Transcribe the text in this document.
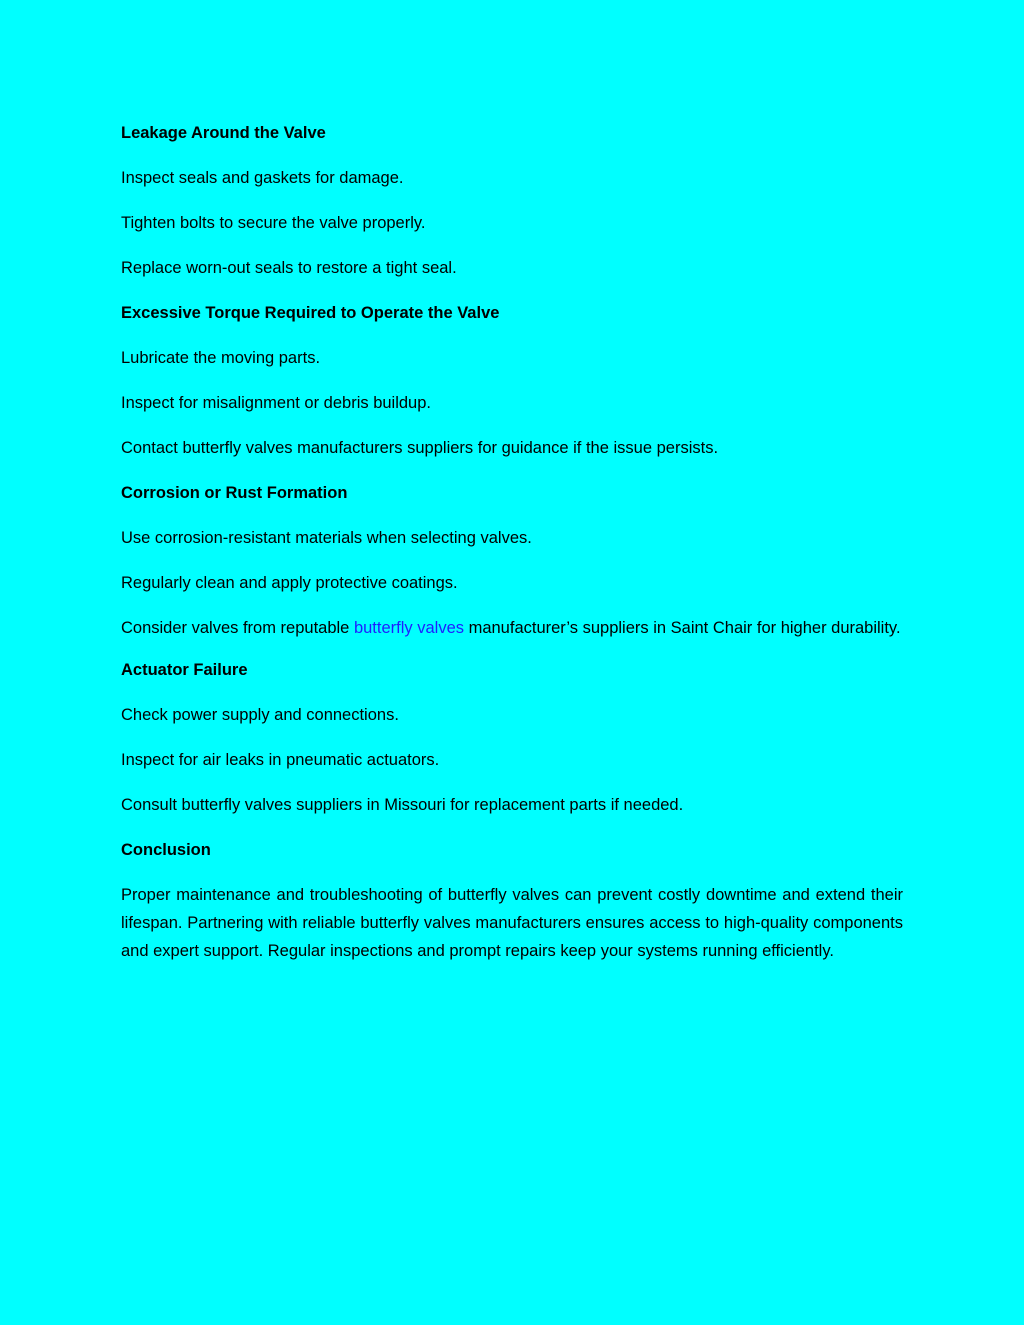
Leakage Around the Valve

Inspect seals and gaskets for damage.

Tighten bolts to secure the valve properly.

Replace worn-out seals to restore a tight seal.

Excessive Torque Required to Operate the Valve

Lubricate the moving parts.

Inspect for misalignment or debris buildup.

Contact butterfly valves manufacturers suppliers for guidance if the issue persists.

Corrosion or Rust Formation

Use corrosion-resistant materials when selecting valves.

Regularly clean and apply protective coatings.

Consider valves from reputable butterfly valves manufacturer’s suppliers in Saint Chair for higher durability.

Actuator Failure

Check power supply and connections.

Inspect for air leaks in pneumatic actuators.

Consult butterfly valves suppliers in Missouri for replacement parts if needed.

Conclusion

Proper maintenance and troubleshooting of butterfly valves can prevent costly downtime and extend their lifespan. Partnering with reliable butterfly valves manufacturers ensures access to high-quality components and expert support. Regular inspections and prompt repairs keep your systems running efficiently.
